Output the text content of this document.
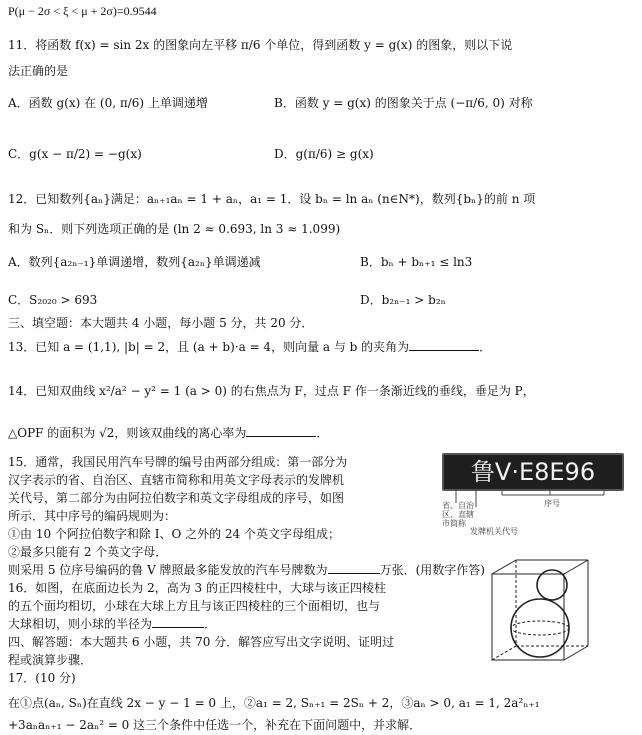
P(μ − 2σ < ξ < μ + 2σ)=0.9544
11．将函数 f(x) = sin 2x 的图象向左平移 π/6 个单位，得到函数 y = g(x) 的图象，则以下说
法正确的是
A．函数 g(x) 在 (0, π/6) 上单调递增	B．函数 y = g(x) 的图象关于点 (−π/6, 0) 对称
C．g(x − π/2) = −g(x)	D．g(π/6) ≥ g(x)
12．已知数列{aₙ}满足：aₙ₊₁aₙ = 1 + aₙ，a₁ = 1．设 bₙ = ln aₙ (n∈N*)，数列{bₙ}的前 n 项
和为 Sₙ．则下列选项正确的是 (ln 2 ≈ 0.693, ln 3 ≈ 1.099)
A．数列{a₂ₙ₋₁}单调递增，数列{a₂ₙ}单调递减	B．bₙ + bₙ₊₁ ≤ ln3
C．S₂₀₂₀ > 693	D．b₂ₙ₋₁ > b₂ₙ
三、填空题：本大题共 4 小题，每小题 5 分，共 20 分．
13．已知 a = (1,1), |b| = 2，且 (a + b)·a = 4，则向量 a 与 b 的夹角为	．
14．已知双曲线 x²/a² − y² = 1 (a > 0) 的右焦点为 F，过点 F 作一条渐近线的垂线，垂足为 P，
△OPF 的面积为 √2，则该双曲线的离心率为	．
15．通常，我国民用汽车号牌的编号由两部分组成：第一部分为
汉字表示的省、自治区、直辖市简称和用英文字母表示的发牌机
关代号，第二部分为由阿拉伯数字和英文字母组成的序号，如图
所示．其中序号的编码规则为：
①由 10 个阿拉伯数字和除 I、O 之外的 24 个英文字母组成；
②最多只能有 2 个英文字母．
则采用 5 位序号编码的鲁 V 牌照最多能发放的汽车号牌数为	万张．(用数字作答)
鲁V·E8E96
省、自治
区、直辖
市简称
序号
发牌机关代号
16．如图，在底面边长为 2，高为 3 的正四棱柱中，大球与该正四棱柱
的五个面均相切，小球在大球上方且与该正四棱柱的三个面相切，也与
大球相切，则小球的半径为	．
四、解答题：本大题共 6 小题，共 70 分．解答应写出文字说明、证明过
程或演算步骤．
17．(10 分)
在①点(aₙ, Sₙ)在直线 2x − y − 1 = 0 上，②a₁ = 2, Sₙ₊₁ = 2Sₙ + 2，③aₙ > 0, a₁ = 1, 2a²ₙ₊₁
+3aₙaₙ₊₁ − 2aₙ² = 0 这三个条件中任选一个，补充在下面问题中，并求解．
